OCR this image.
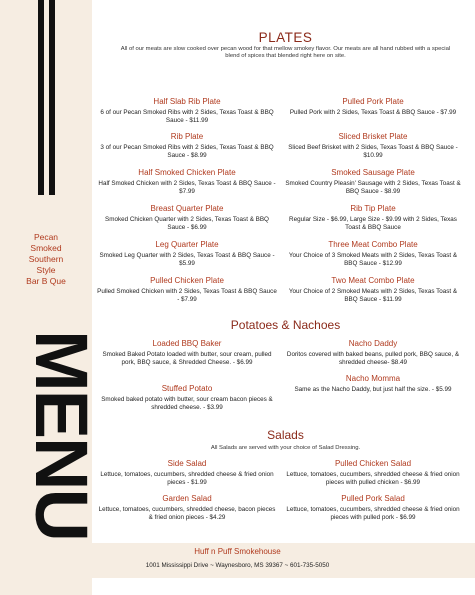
Pecan
Smoked
Southern
Style
Bar B Que
MENU
PLATES
All of our meats are slow cooked over pecan wood for that mellow smokey flavor. Our meats are all hand rubbed with a special blend of spices that blended right here on site.
Half Slab Rib Plate
6 of our Pecan Smoked Ribs with 2 Sides, Texas Toast & BBQ Sauce - $11.99
Pulled Pork Plate
Pulled Pork with 2 Sides, Texas Toast & BBQ Sauce - $7.99
Rib Plate
3 of our Pecan Smoked Ribs with 2 Sides, Texas Toast & BBQ Sauce - $8.99
Sliced Brisket Plate
Sliced Beef Brisket with 2 Sides, Texas Toast & BBQ Sauce - $10.99
Half Smoked Chicken Plate
Half Smoked Chicken with 2 Sides, Texas Toast & BBQ Sauce - $7.99
Smoked Sausage Plate
Smoked Country Pleasin' Sausage with 2 Sides, Texas Toast & BBQ Sauce - $8.99
Breast Quarter Plate
Smoked Chicken Quarter with 2 Sides, Texas Toast & BBQ Sauce - $6.99
Rib Tip Plate
Regular Size - $6.99, Large Size - $9.99 with 2 Sides, Texas Toast & BBQ Sauce
Leg Quarter Plate
Smoked Leg Quarter with 2 Sides, Texas Toast & BBQ Sauce - $5.99
Three Meat Combo Plate
Your Choice of 3 Smoked Meats with 2 Sides, Texas Toast & BBQ Sauce - $12.99
Pulled Chicken Plate
Pulled Smoked Chicken with 2 Sides, Texas Toast & BBQ Sauce - $7.99
Two Meat Combo Plate
Your Choice of 2 Smoked Meats with 2 Sides, Texas Toast & BBQ Sauce - $11.99
Potatoes & Nachoes
Loaded BBQ Baker
Smoked Baked Potato loaded with butter, sour cream, pulled pork, BBQ sauce, & Shredded Cheese. - $6.99
Nacho Daddy
Doritos covered with baked beans, pulled pork, BBQ sauce, & shredded cheese- $8.49
Stuffed Potato
Smoked baked potato with butter, sour cream bacon pieces & shredded cheese. - $3.99
Nacho Momma
Same as the Nacho Daddy, but just half the size. - $5.99
Salads
All Salads are served with your choice of Salad Dressing.
Side Salad
Lettuce, tomatoes, cucumbers, shredded cheese & fried onion pieces - $1.99
Pulled Chicken Salad
Lettuce, tomatoes, cucumbers, shredded cheese & fried onion pieces with pulled chicken - $6.99
Garden Salad
Lettuce, tomatoes, cucumbers, shredded cheese, bacon pieces & fried onion pieces - $4.29
Pulled Pork Salad
Lettuce, tomatoes, cucumbers, shredded cheese & fried onion pieces with pulled pork - $6.99
Huff n Puff Smokehouse
1001 Mississippi Drive ~ Waynesboro, MS 39367 ~ 601-735-5050
